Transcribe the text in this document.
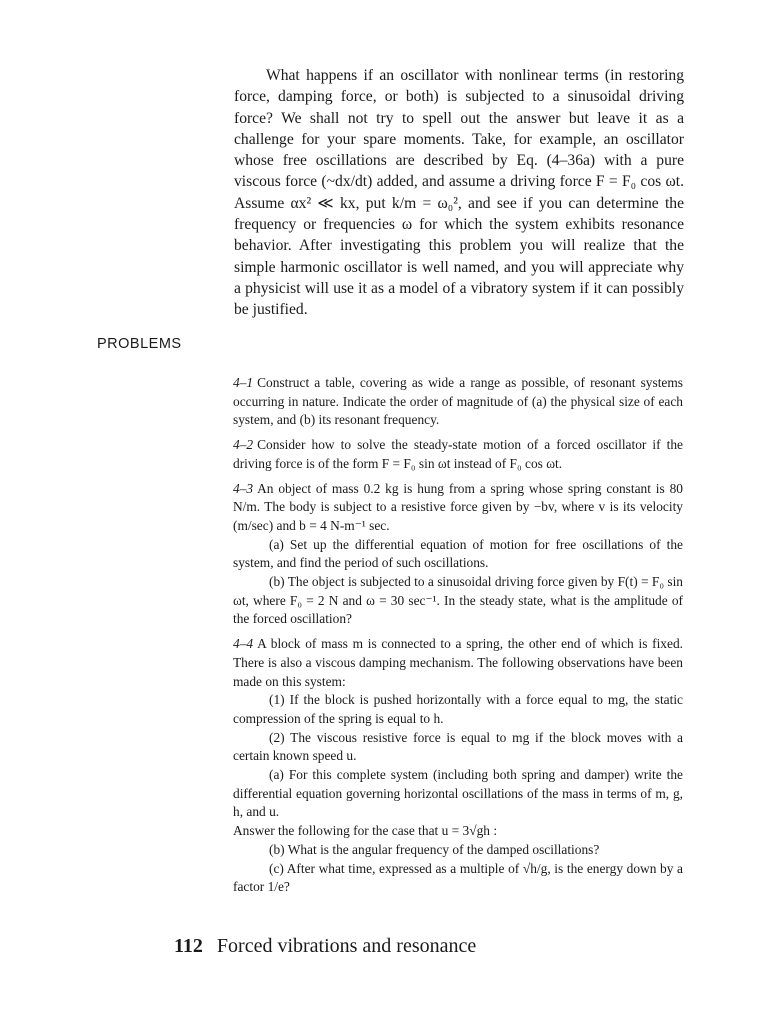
What happens if an oscillator with nonlinear terms (in restoring force, damping force, or both) is subjected to a sinusoidal driving force? We shall not try to spell out the answer but leave it as a challenge for your spare moments. Take, for example, an oscillator whose free oscillations are described by Eq. (4–36a) with a pure viscous force (~dx/dt) added, and assume a driving force F = F₀ cos ωt. Assume αx² ≪ kx, put k/m = ω₀², and see if you can determine the frequency or frequencies ω for which the system exhibits resonance behavior. After investigating this problem you will realize that the simple harmonic oscillator is well named, and you will appreciate why a physicist will use it as a model of a vibratory system if it can possibly be justified.

PROBLEMS

4–1 Construct a table, covering as wide a range as possible, of resonant systems occurring in nature. Indicate the order of magnitude of (a) the physical size of each system, and (b) its resonant frequency.

4–2 Consider how to solve the steady-state motion of a forced oscillator if the driving force is of the form F = F₀ sin ωt instead of F₀ cos ωt.

4–3 An object of mass 0.2 kg is hung from a spring whose spring constant is 80 N/m. The body is subject to a resistive force given by −bv, where v is its velocity (m/sec) and b = 4 N-m⁻¹ sec.

(a) Set up the differential equation of motion for free oscillations of the system, and find the period of such oscillations.

(b) The object is subjected to a sinusoidal driving force given by F(t) = F₀ sin ωt, where F₀ = 2 N and ω = 30 sec⁻¹. In the steady state, what is the amplitude of the forced oscillation?

4–4 A block of mass m is connected to a spring, the other end of which is fixed. There is also a viscous damping mechanism. The following observations have been made on this system:

(1) If the block is pushed horizontally with a force equal to mg, the static compression of the spring is equal to h.

(2) The viscous resistive force is equal to mg if the block moves with a certain known speed u.

(a) For this complete system (including both spring and damper) write the differential equation governing horizontal oscillations of the mass in terms of m, g, h, and u.

Answer the following for the case that u = 3√gh :

(b) What is the angular frequency of the damped oscillations?

(c) After what time, expressed as a multiple of √h/g, is the energy down by a factor 1/e?

112 Forced vibrations and resonance
